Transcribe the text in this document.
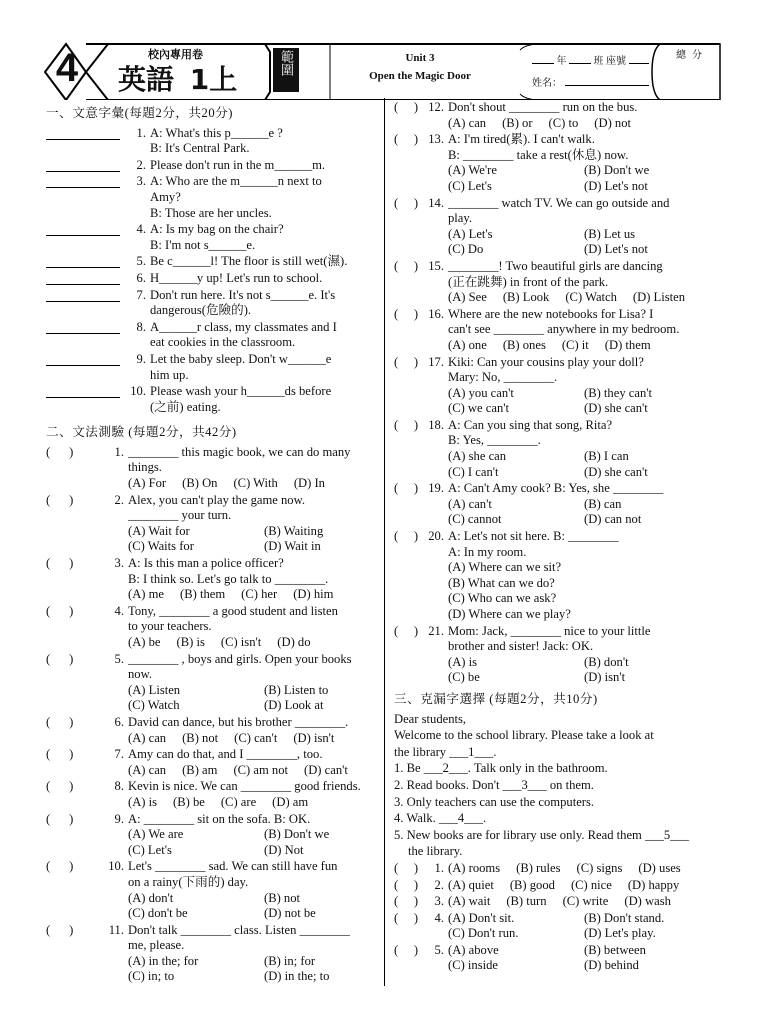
4	校內專用卷
英語 1上	範圍	Unit 3
Open the Magic Door
年	班 座號
姓名：
總分
一、文意字彙(每題2分，共20分)
1. A: What's this p______e ?
B: It's Central Park.
2. Please don't run in the m______m.
3. A: Who are the m______n next to
Amy?
B: Those are her uncles.
4. A: Is my bag on the chair?
B: I'm not s______e.
5. Be c______l! The floor is still wet(濕).
6. H______y up! Let's run to school.
7. Don't run here. It's not s______e. It's
dangerous(危險的).
8. A______r class, my classmates and I
eat cookies in the classroom.
9. Let the baby sleep. Don't w______e
him up.
10. Please wash your h______ds before
(之前) eating.
二、文法測驗 (每題2分，共42分)
(      )	1. ________ this magic book, we can do many
things.
(A) For (B) On (C) With (D) In
(      )	2. Alex, you can't play the game now.
________ your turn.
(A) Wait for	(B) Waiting
(C) Waits for	(D) Wait in
(      )	3. A: Is this man a police officer?
B: I think so. Let's go talk to ________.
(A) me (B) them (C) her (D) him
(      )	4. Tony, ________ a good student and listen
to your teachers.
(A) be (B) is (C) isn't (D) do
(      )	5. ________ , boys and girls. Open your books
now.
(A) Listen	(B) Listen to
(C) Watch	(D) Look at
(      )	6. David can dance, but his brother ________.
(A) can (B) not (C) can't (D) isn't
(      )	7. Amy can do that, and I ________, too.
(A) can (B) am (C) am not (D) can't
(      )	8. Kevin is nice. We can ________ good friends.
(A) is (B) be (C) are (D) am
(      )	9. A: ________ sit on the sofa. B: OK.
(A) We are	(B) Don't we
(C) Let's	(D) Not
(      )	10. Let's ________ sad. We can still have fun
on a rainy(下雨的) day.
(A) don't	(B) not
(C) don't be	(D) not be
(      )	11. Don't talk ________ class. Listen ________
me, please.
(A) in the; for	(B) in; for
(C) in; to	(D) in the; to
(     ) 12. Don't shout ________ run on the bus.
(A) can (B) or (C) to (D) not
(     ) 13. A: I'm tired(累). I can't walk.
B: ________ take a rest(休息) now.
(A) We're	(B) Don't we
(C) Let's	(D) Let's not
(     ) 14. ________ watch TV. We can go outside and
play.
(A) Let's	(B) Let us
(C) Do	(D) Let's not
(     ) 15. ________! Two beautiful girls are dancing
(正在跳舞) in front of the park.
(A) See (B) Look (C) Watch (D) Listen
(     ) 16. Where are the new notebooks for Lisa? I
can't see ________ anywhere in my bedroom.
(A) one (B) ones (C) it (D) them
(     ) 17. Kiki: Can your cousins play your doll?
Mary: No, ________.
(A) you can't	(B) they can't
(C) we can't	(D) she can't
(     ) 18. A: Can you sing that song, Rita?
B: Yes, ________.
(A) she can	(B) I can
(C) I can't	(D) she can't
(     ) 19. A: Can't Amy cook? B: Yes, she ________
(A) can't	(B) can
(C) cannot	(D) can not
(     ) 20. A: Let's not sit here. B: ________
A: In my room.
(A) Where can we sit?
(B) What can we do?
(C) Who can we ask?
(D) Where can we play?
(     ) 21. Mom: Jack, ________ nice to your little
brother and sister! Jack: OK.
(A) is	(B) don't
(C) be	(D) isn't
三、克漏字選擇 (每題2分，共10分)
Dear students,
Welcome to the school library. Please take a look at
the library ___1___.
1. Be ___2___. Talk only in the bathroom.
2. Read books. Don't ___3___ on them.
3. Only teachers can use the computers.
4. Walk. ___4___.
5. New books are for library use only. Read them ___5___
the library.
(     )	1. (A) rooms (B) rules (C) signs (D) uses
(     )	2. (A) quiet (B) good (C) nice (D) happy
(     )	3. (A) wait (B) turn (C) write (D) wash
(     )	4. (A) Don't sit.	(B) Don't stand.
(C) Don't run.	(D) Let's play.
(     )	5. (A) above	(B) between
(C) inside	(D) behind
